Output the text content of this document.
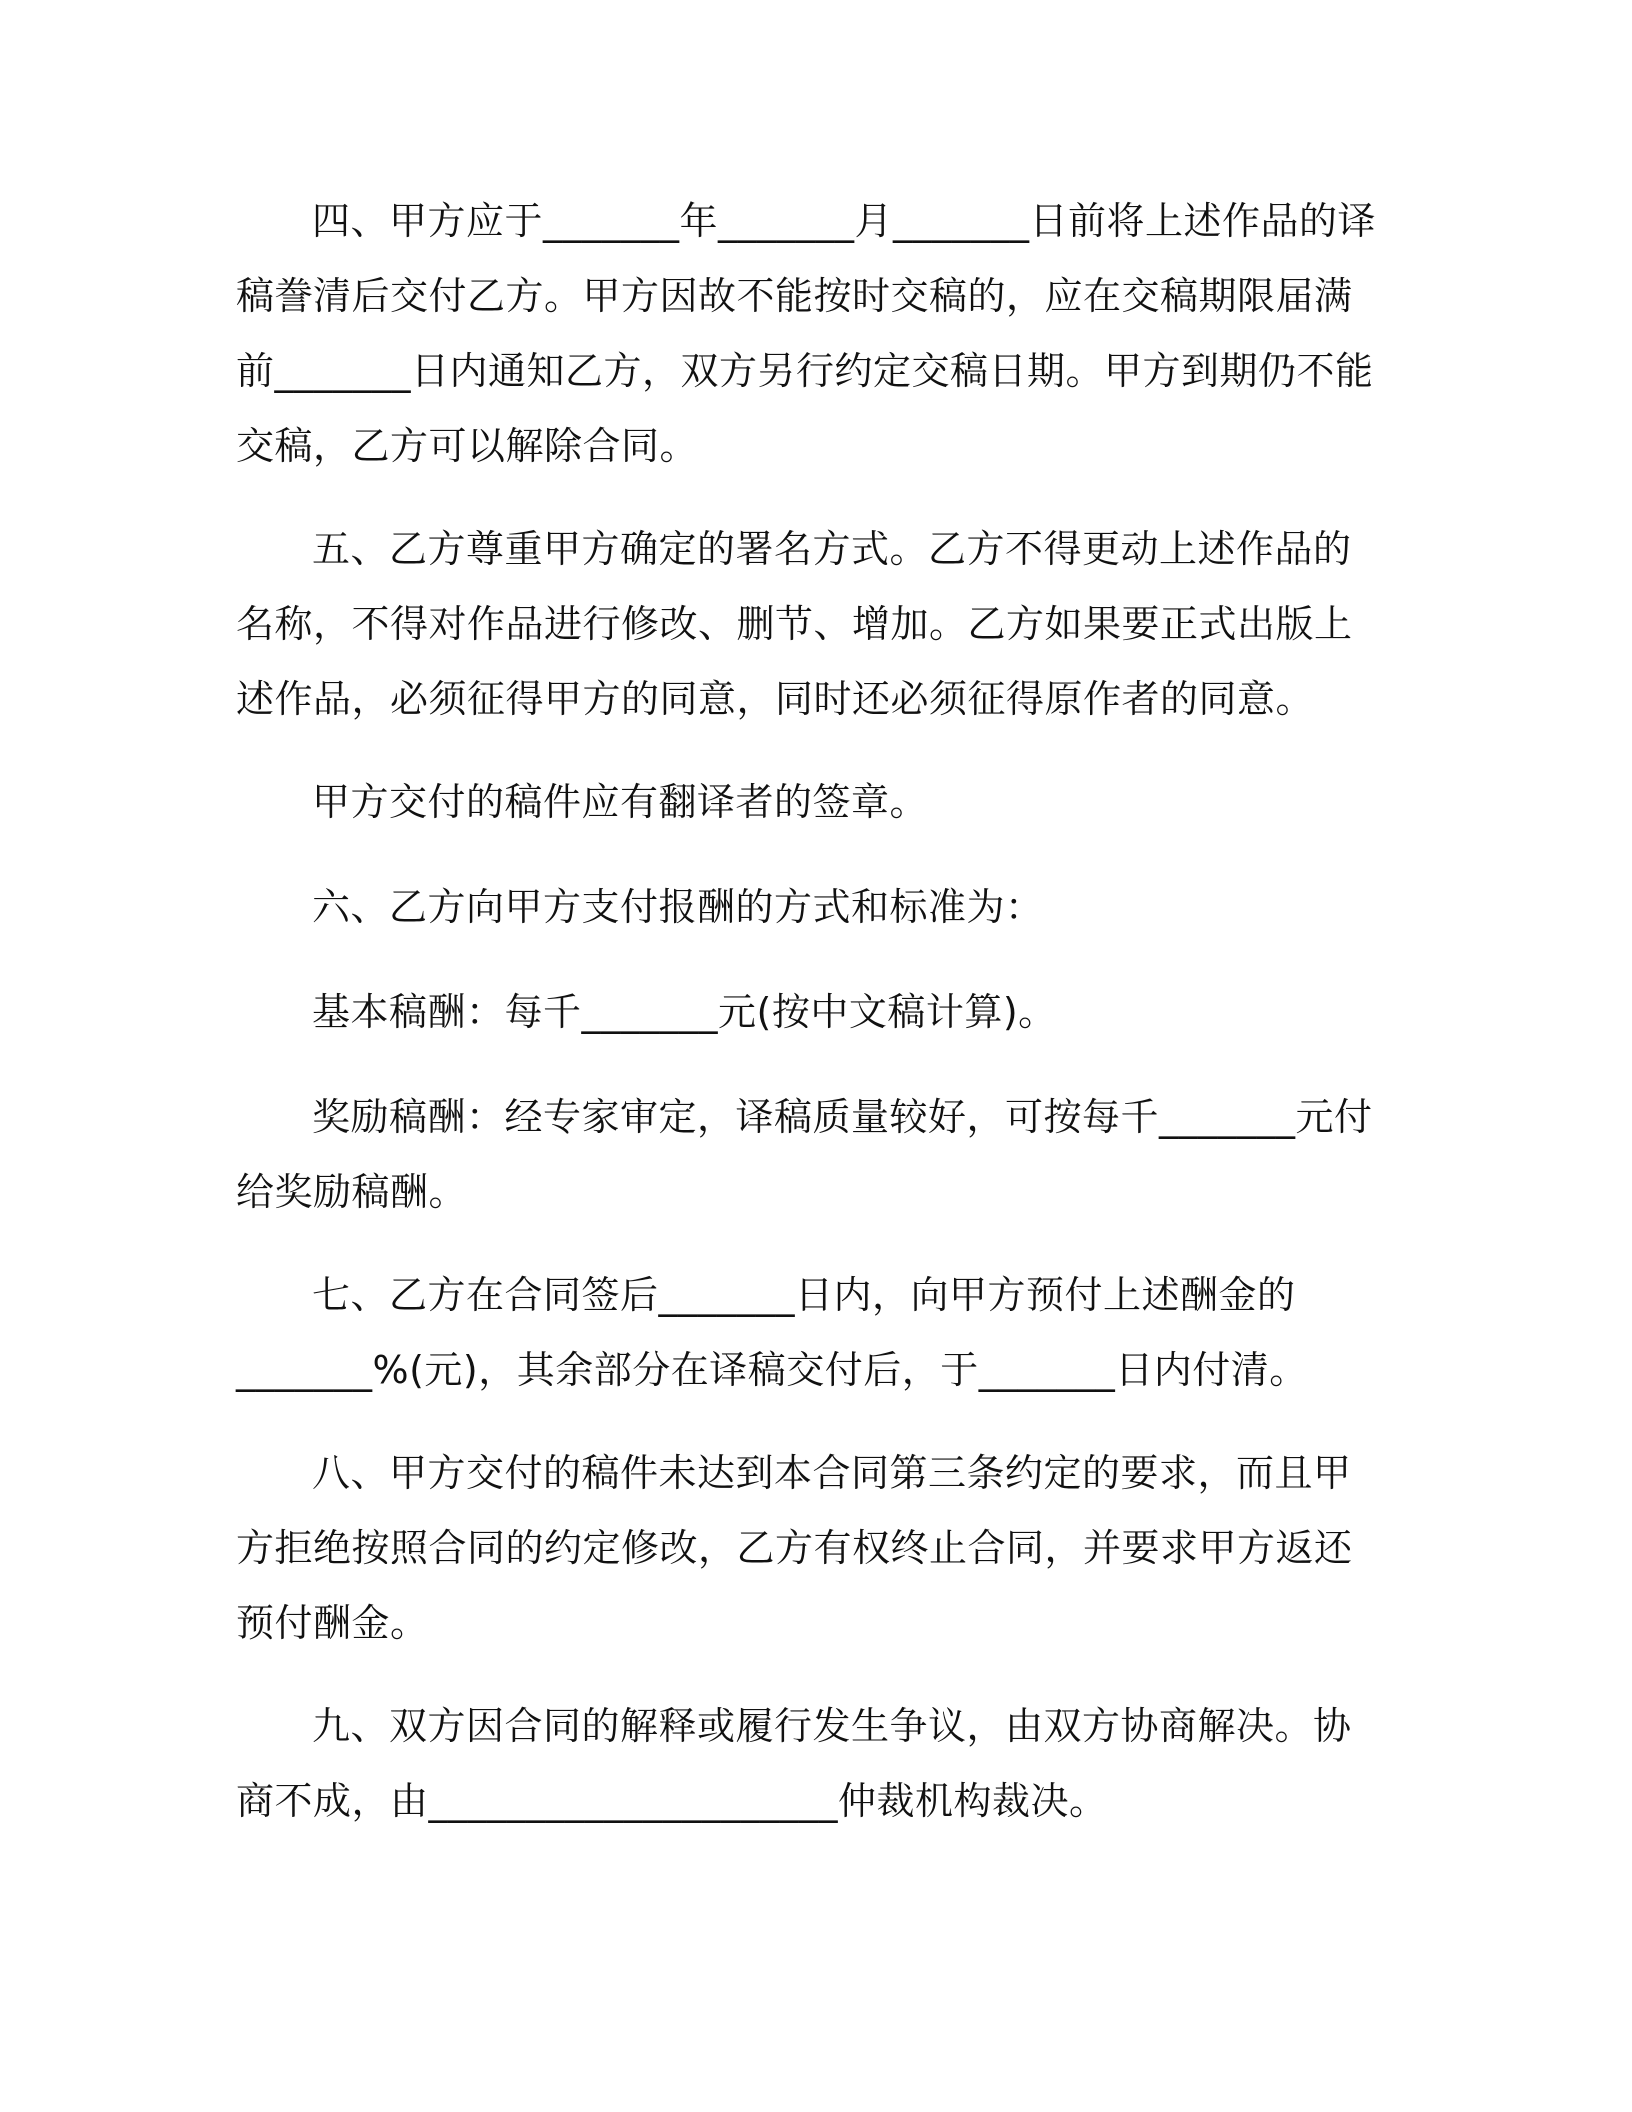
四、甲方应于_______年_______月_______日前将上述作品的译稿誊清后交付乙方。甲方因故不能按时交稿的，应在交稿期限届满前_______日内通知乙方，双方另行约定交稿日期。甲方到期仍不能交稿，乙方可以解除合同。

五、乙方尊重甲方确定的署名方式。乙方不得更动上述作品的名称，不得对作品进行修改、删节、增加。乙方如果要正式出版上述作品，必须征得甲方的同意，同时还必须征得原作者的同意。

甲方交付的稿件应有翻译者的签章。

六、乙方向甲方支付报酬的方式和标准为：

基本稿酬：每千_______元(按中文稿计算)。

奖励稿酬：经专家审定，译稿质量较好，可按每千_______元付给奖励稿酬。

七、乙方在合同签后_______日内，向甲方预付上述酬金的_______%(元)，其余部分在译稿交付后，于_______日内付清。

八、甲方交付的稿件未达到本合同第三条约定的要求，而且甲方拒绝按照合同的约定修改，乙方有权终止合同，并要求甲方返还预付酬金。

九、双方因合同的解释或履行发生争议，由双方协商解决。协商不成，由_____________________仲裁机构裁决。
